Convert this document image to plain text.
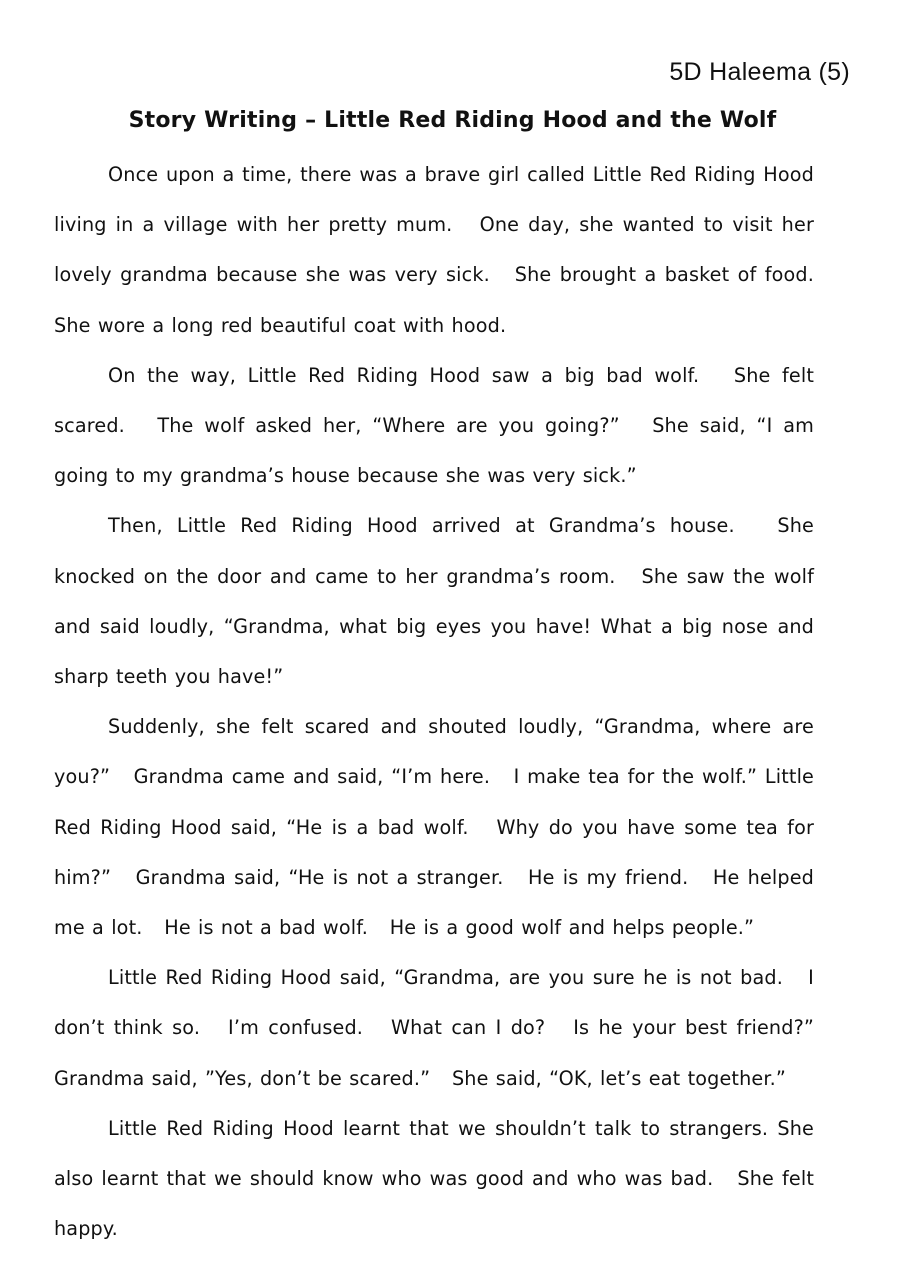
5D Haleema (5)
Story Writing – Little Red Riding Hood and the Wolf

Once upon a time, there was a brave girl called Little Red Riding Hood living in a village with her pretty mum.   One day, she wanted to visit her lovely grandma because she was very sick.   She brought a basket of food. She wore a long red beautiful coat with hood.

On the way, Little Red Riding Hood saw a big bad wolf.   She felt scared.   The wolf asked her, “Where are you going?”   She said, “I am going to my grandma’s house because she was very sick.”

Then, Little Red Riding Hood arrived at Grandma’s house.   She knocked on the door and came to her grandma’s room.   She saw the wolf and said loudly, “Grandma, what big eyes you have! What a big nose and sharp teeth you have!”

Suddenly, she felt scared and shouted loudly, “Grandma, where are you?”   Grandma came and said, “I’m here.   I make tea for the wolf.” Little Red Riding Hood said, “He is a bad wolf.   Why do you have some tea for him?”   Grandma said, “He is not a stranger.   He is my friend.   He helped me a lot.   He is not a bad wolf.   He is a good wolf and helps people.”

Little Red Riding Hood said, “Grandma, are you sure he is not bad.   I don’t think so.   I’m confused.   What can I do?   Is he your best friend?” Grandma said, ”Yes, don’t be scared.”   She said, “OK, let’s eat together.”

Little Red Riding Hood learnt that we shouldn’t talk to strangers. She also learnt that we should know who was good and who was bad.   She felt happy.
